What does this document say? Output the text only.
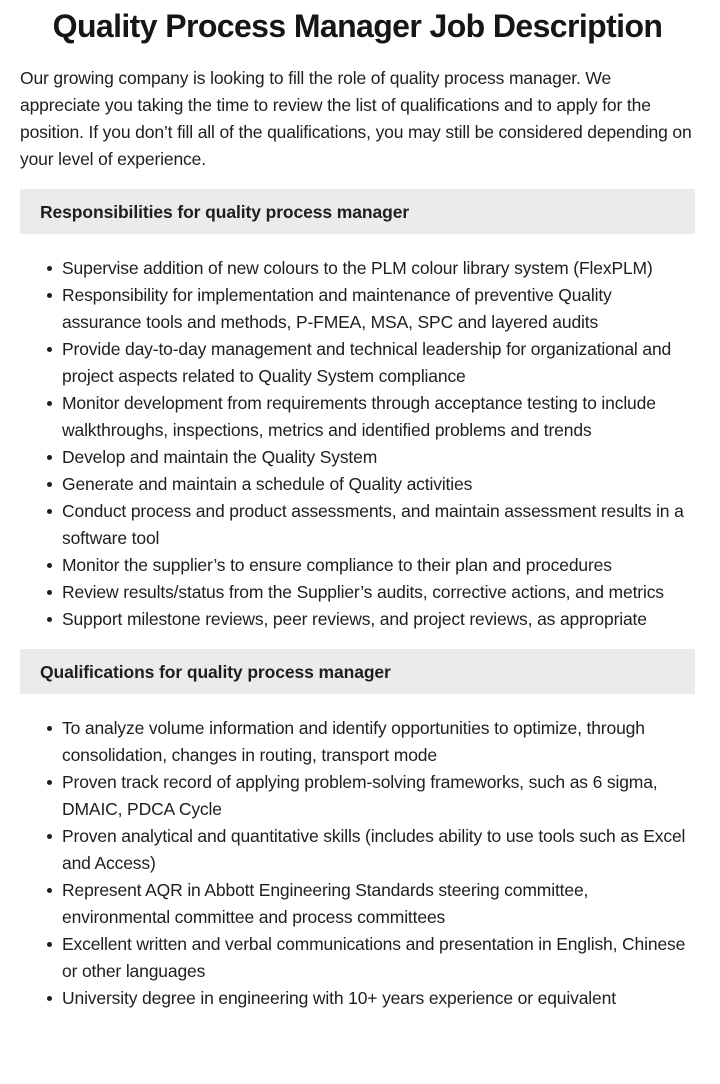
Quality Process Manager Job Description

Our growing company is looking to fill the role of quality process manager. We appreciate you taking the time to review the list of qualifications and to apply for the position. If you don’t fill all of the qualifications, you may still be considered depending on your level of experience.

Responsibilities for quality process manager
Supervise addition of new colours to the PLM colour library system (FlexPLM)
Responsibility for implementation and maintenance of preventive Quality assurance tools and methods, P-FMEA, MSA, SPC and layered audits
Provide day-to-day management and technical leadership for organizational and project aspects related to Quality System compliance
Monitor development from requirements through acceptance testing to include walkthroughs, inspections, metrics and identified problems and trends
Develop and maintain the Quality System
Generate and maintain a schedule of Quality activities
Conduct process and product assessments, and maintain assessment results in a software tool
Monitor the supplier’s to ensure compliance to their plan and procedures
Review results/status from the Supplier’s audits, corrective actions, and metrics
Support milestone reviews, peer reviews, and project reviews, as appropriate
Qualifications for quality process manager
To analyze volume information and identify opportunities to optimize, through consolidation, changes in routing, transport mode
Proven track record of applying problem-solving frameworks, such as 6 sigma, DMAIC, PDCA Cycle
Proven analytical and quantitative skills (includes ability to use tools such as Excel and Access)
Represent AQR in Abbott Engineering Standards steering committee, environmental committee and process committees
Excellent written and verbal communications and presentation in English, Chinese or other languages
University degree in engineering with 10+ years experience or equivalent
